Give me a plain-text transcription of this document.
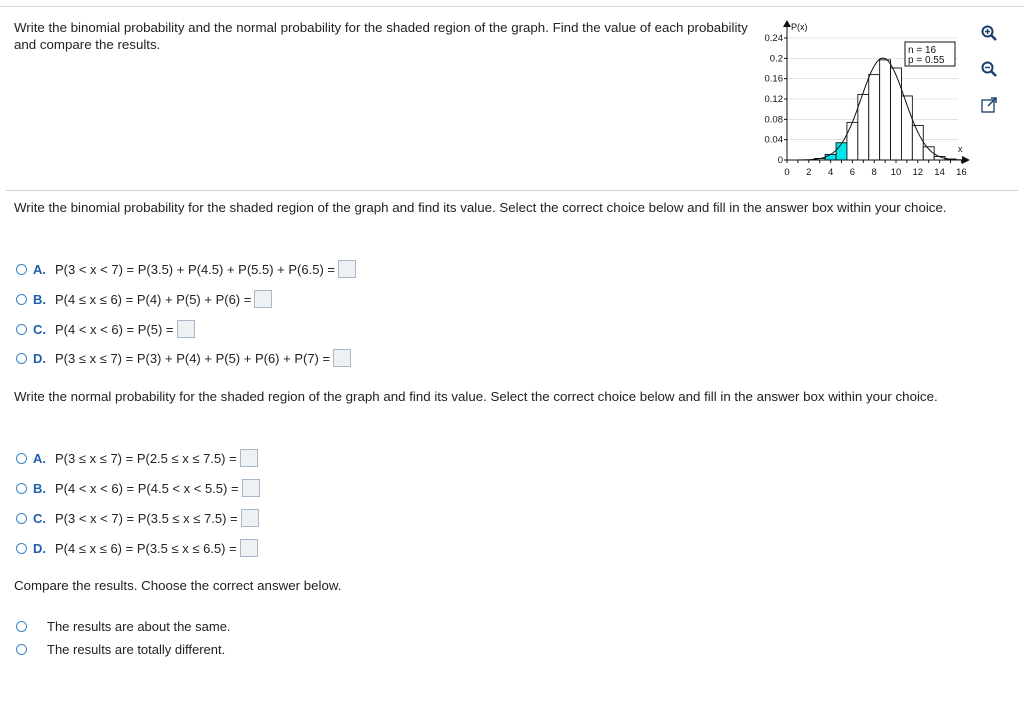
Write the binomial probability and the normal probability for the shaded region of the graph. Find the value of each probability and compare the results.	0.24
0.2
0.16
0.12
0.08
0.04
0
P(x)
x
0 2 4 6 8 10 12 14 16
n = 16
p = 0.55
Write the binomial probability for the shaded region of the graph and find its value. Select the correct choice below and fill in the answer box within your choice.
A. P(3 < x < 7) = P(3.5) + P(4.5) + P(5.5) + P(6.5) =
B. P(4 ≤ x ≤ 6) = P(4) + P(5) + P(6) =
C. P(4 < x < 6) = P(5) =
D. P(3 ≤ x ≤ 7) = P(3) + P(4) + P(5) + P(6) + P(7) =
Write the normal probability for the shaded region of the graph and find its value. Select the correct choice below and fill in the answer box within your choice.
A. P(3 ≤ x ≤ 7) = P(2.5 ≤ x ≤ 7.5) =
B. P(4 < x < 6) = P(4.5 < x < 5.5) =
C. P(3 < x < 7) = P(3.5 ≤ x ≤ 7.5) =
D. P(4 ≤ x ≤ 6) = P(3.5 ≤ x ≤ 6.5) =
Compare the results. Choose the correct answer below.
The results are about the same.
The results are totally different.
